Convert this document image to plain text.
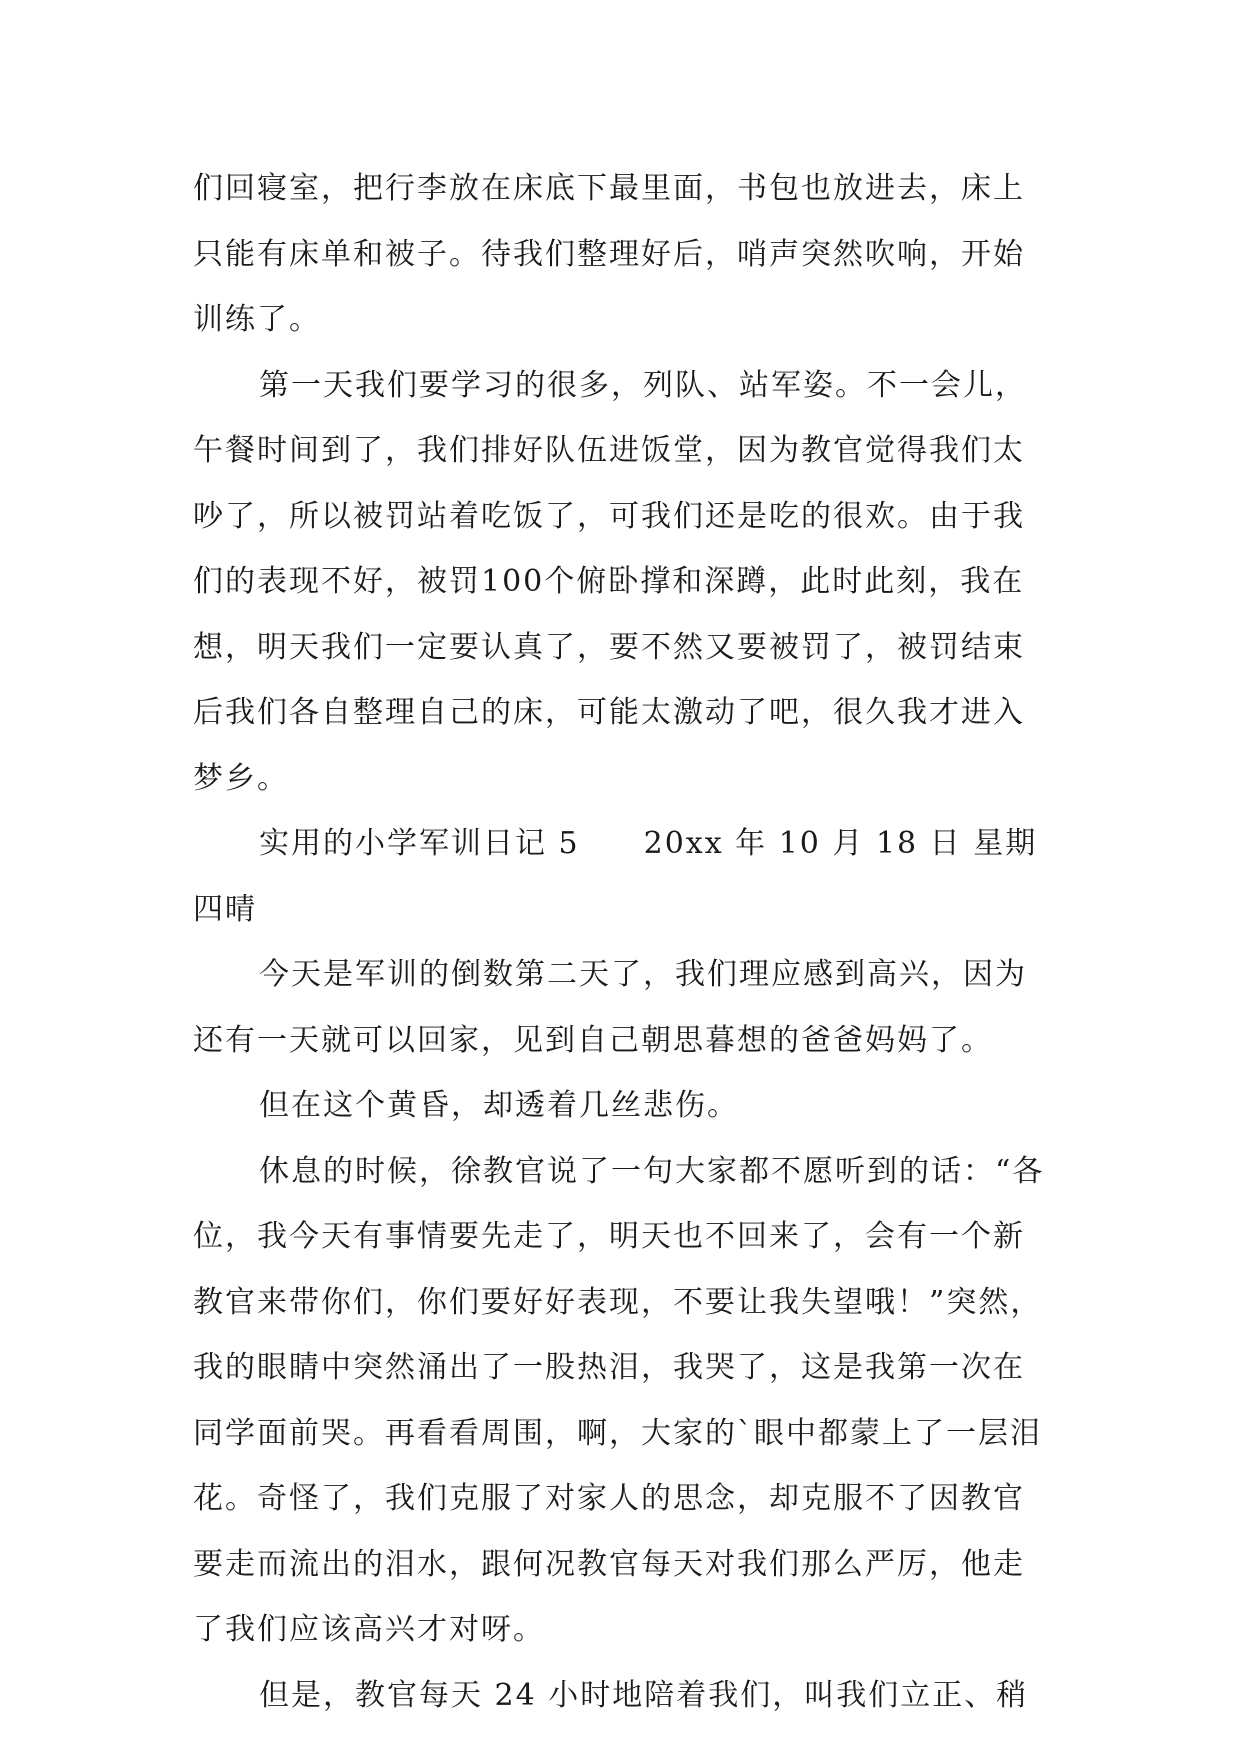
们回寝室，把行李放在床底下最里面，书包也放进去，床上只能有床单和被子。待我们整理好后，哨声突然吹响，开始训练了。

第一天我们要学习的很多，列队、站军姿。不一会儿，午餐时间到了，我们排好队伍进饭堂，因为教官觉得我们太吵了，所以被罚站着吃饭了，可我们还是吃的很欢。由于我们的表现不好，被罚100个俯卧撑和深蹲，此时此刻，我在想，明天我们一定要认真了，要不然又要被罚了，被罚结束后我们各自整理自己的床，可能太激动了吧，很久我才进入梦乡。

实用的小学军训日记 5　　20xx 年 10 月 18 日 星期四晴

今天是军训的倒数第二天了，我们理应感到高兴，因为还有一天就可以回家，见到自己朝思暮想的爸爸妈妈了。

但在这个黄昏，却透着几丝悲伤。

休息的时候，徐教官说了一句大家都不愿听到的话：“各位，我今天有事情要先走了，明天也不回来了，会有一个新教官来带你们，你们要好好表现，不要让我失望哦！”突然，我的眼睛中突然涌出了一股热泪，我哭了，这是我第一次在同学面前哭。再看看周围，啊，大家的`眼中都蒙上了一层泪花。奇怪了，我们克服了对家人的思念，却克服不了因教官要走而流出的泪水，跟何况教官每天对我们那么严厉，他走了我们应该高兴才对呀。

但是，教官每天 24 小时地陪着我们，叫我们立正、稍
